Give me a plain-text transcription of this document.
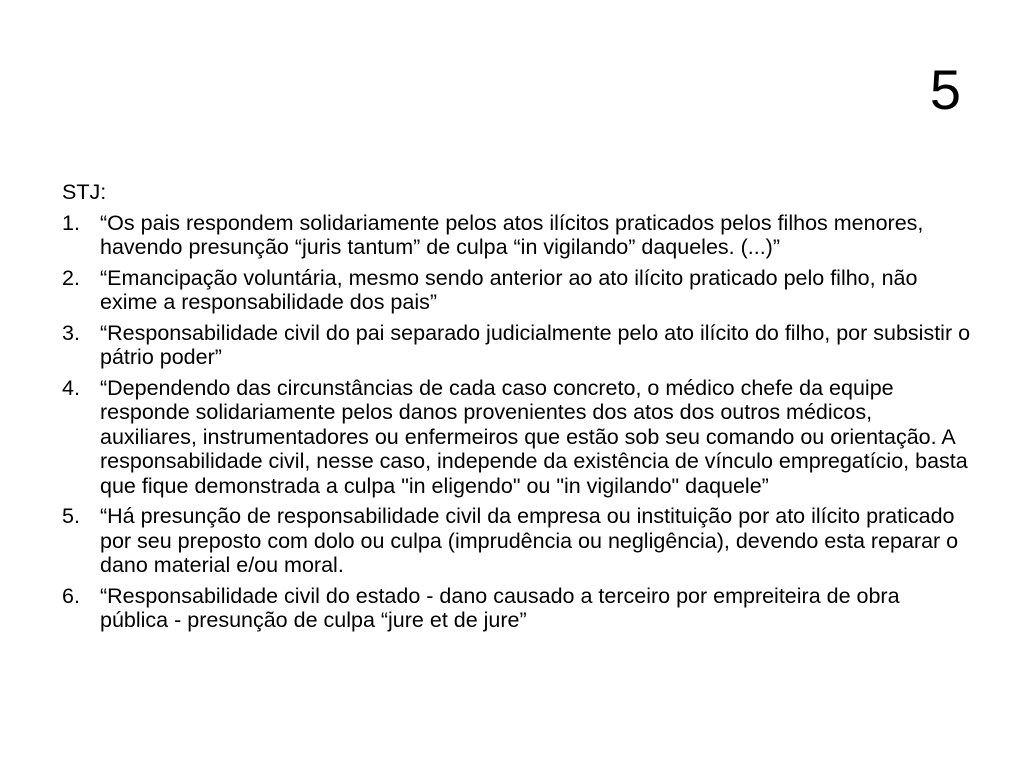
5
STJ:
1. “Os pais respondem solidariamente pelos atos ilícitos praticados pelos filhos menores, havendo presunção “juris tantum” de culpa “in vigilando” daqueles. (...)”
2. “Emancipação voluntária, mesmo sendo anterior ao ato ilícito praticado pelo filho, não exime a responsabilidade dos pais”
3. “Responsabilidade civil do pai separado judicialmente pelo ato ilícito do filho, por subsistir o pátrio poder”
4. “Dependendo das circunstâncias de cada caso concreto, o médico chefe da equipe responde solidariamente pelos danos provenientes dos atos dos outros médicos, auxiliares, instrumentadores ou enfermeiros que estão sob seu comando ou orientação. A responsabilidade civil, nesse caso, independe da existência de vínculo empregatício, basta que fique demonstrada a culpa "in eligendo" ou "in vigilando" daquele”
5. “Há presunção de responsabilidade civil da empresa ou instituição por ato ilícito praticado por seu preposto com dolo ou culpa (imprudência ou negligência), devendo esta reparar o dano material e/ou moral.
6. “Responsabilidade civil do estado - dano causado a terceiro por empreiteira de obra pública - presunção de culpa “jure et de jure”
